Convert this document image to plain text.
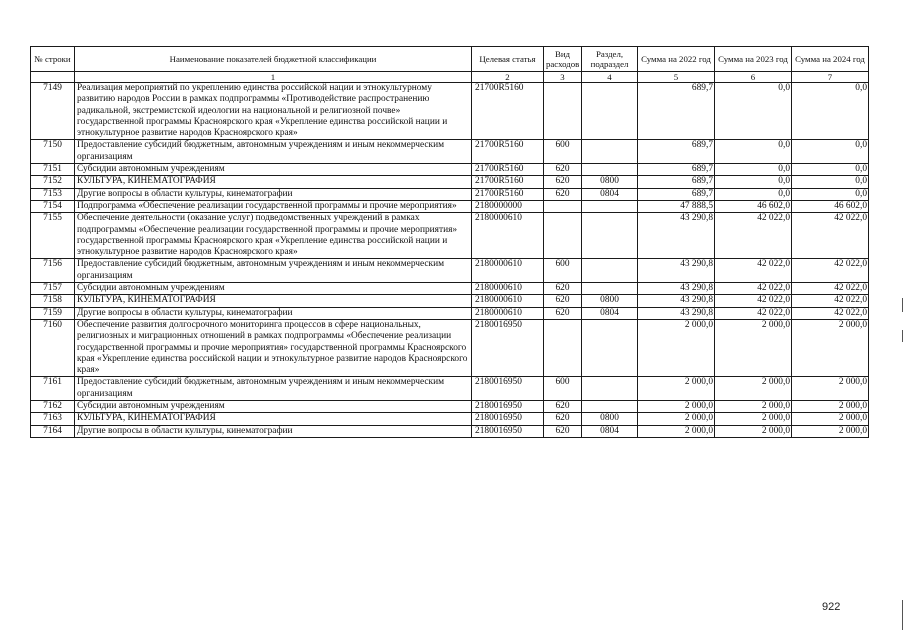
№ строки	Наименование показателей бюджетной классификации	Целевая статья	Вид расходов	Раздел, подраздел	Сумма на 2022 год	Сумма на 2023 год	Сумма на 2024 год
	1	2	3	4	5	6	7
7149	Реализация мероприятий по укреплению единства российской нации и этнокультурному развитию народов России в рамках подпрограммы «Противодействие распространению радикальной, экстремистской идеологии на национальной и религиозной почве» государственной программы Красноярского края «Укрепление единства российской нации и этнокультурное развитие народов Красноярского края»	21700R5160			689,7	0,0	0,0
7150	Предоставление субсидий бюджетным, автономным учреждениям и иным некоммерческим организациям	21700R5160	600		689,7	0,0	0,0
7151	Субсидии автономным учреждениям	21700R5160	620		689,7	0,0	0,0
7152	КУЛЬТУРА, КИНЕМАТОГРАФИЯ	21700R5160	620	0800	689,7	0,0	0,0
7153	Другие вопросы в области культуры, кинематографии	21700R5160	620	0804	689,7	0,0	0,0
7154	Подпрограмма «Обеспечение реализации государственной программы и прочие мероприятия»	2180000000			47 888,5	46 602,0	46 602,0
7155	Обеспечение деятельности (оказание услуг) подведомственных учреждений в рамках подпрограммы «Обеспечение реализации государственной программы и прочие мероприятия» государственной программы Красноярского края «Укрепление единства российской нации и этнокультурное развитие народов Красноярского края»	2180000610			43 290,8	42 022,0	42 022,0
7156	Предоставление субсидий бюджетным, автономным учреждениям и иным некоммерческим организациям	2180000610	600		43 290,8	42 022,0	42 022,0
7157	Субсидии автономным учреждениям	2180000610	620		43 290,8	42 022,0	42 022,0
7158	КУЛЬТУРА, КИНЕМАТОГРАФИЯ	2180000610	620	0800	43 290,8	42 022,0	42 022,0
7159	Другие вопросы в области культуры, кинематографии	2180000610	620	0804	43 290,8	42 022,0	42 022,0
7160	Обеспечение развития долгосрочного мониторинга процессов в сфере национальных, религиозных и миграционных отношений в рамках подпрограммы «Обеспечение реализации государственной программы и прочие мероприятия» государственной программы Красноярского края «Укрепление единства российской нации и этнокультурное развитие народов Красноярского края»	2180016950			2 000,0	2 000,0	2 000,0
7161	Предоставление субсидий бюджетным, автономным учреждениям и иным некоммерческим организациям	2180016950	600		2 000,0	2 000,0	2 000,0
7162	Субсидии автономным учреждениям	2180016950	620		2 000,0	2 000,0	2 000,0
7163	КУЛЬТУРА, КИНЕМАТОГРАФИЯ	2180016950	620	0800	2 000,0	2 000,0	2 000,0
7164	Другие вопросы в области культуры, кинематографии	2180016950	620	0804	2 000,0	2 000,0	2 000,0
922
